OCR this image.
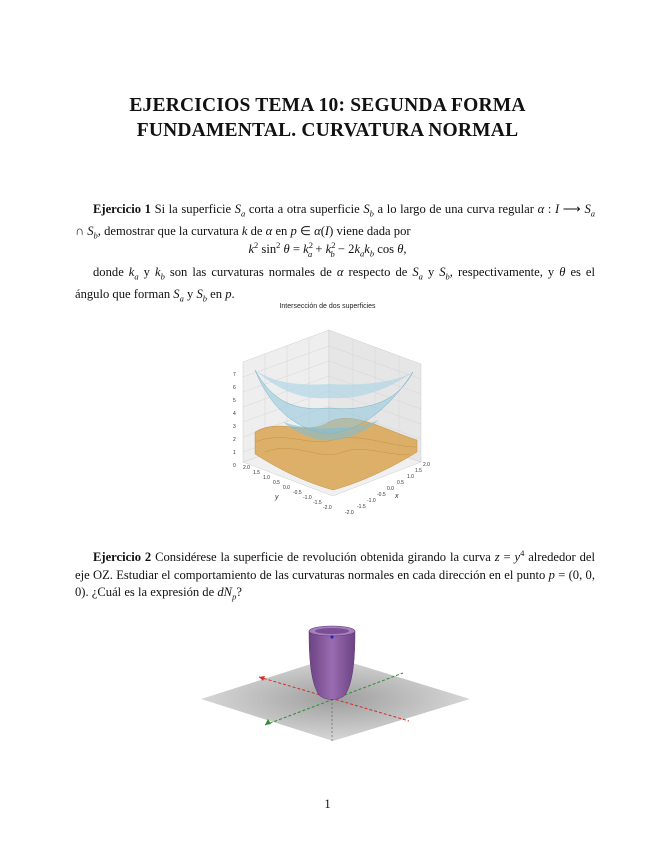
EJERCICIOS TEMA 10: SEGUNDA FORMA
FUNDAMENTAL. CURVATURA NORMAL
Ejercicio 1 Si la superficie $S_a$ corta a otra superficie $S_b$ a lo largo de una curva regular α : I ⟶ $S_a$ ∩ $S_b$, demostrar que la curvatura k de α en p ∈ α(I) viene dada por
$k^2$ $\sin^2 \theta = k^2_a + k^2_b - 2k_ak_b$ cos θ,
donde $k_a$ y $k_b$ son las curvaturas normales de α respecto de $S_a$ y $S_b$, respectivamente, y θ es el ángulo que forman $S_a$ y $S_b$ en p.
Intersección de dos superficies
7
6
5
4
3
2
1
0 2.0
1.5
1.0
0.5
0.0
-0.5
-1.0
-1.5
-2.0
y
-2.0
-1.5
-1.0
-0.5
0.0
0.5
1.0
1.5
2.0
x
Ejercicio 2 Considérese la superficie de revolución obtenida girando la curva $z = y^4$ alrededor del eje OZ. Estudiar el comportamiento de las curvaturas normales en cada dirección en el punto p = (0, 0, 0). ¿Cuál es la expresión de $dN_p$?
1
